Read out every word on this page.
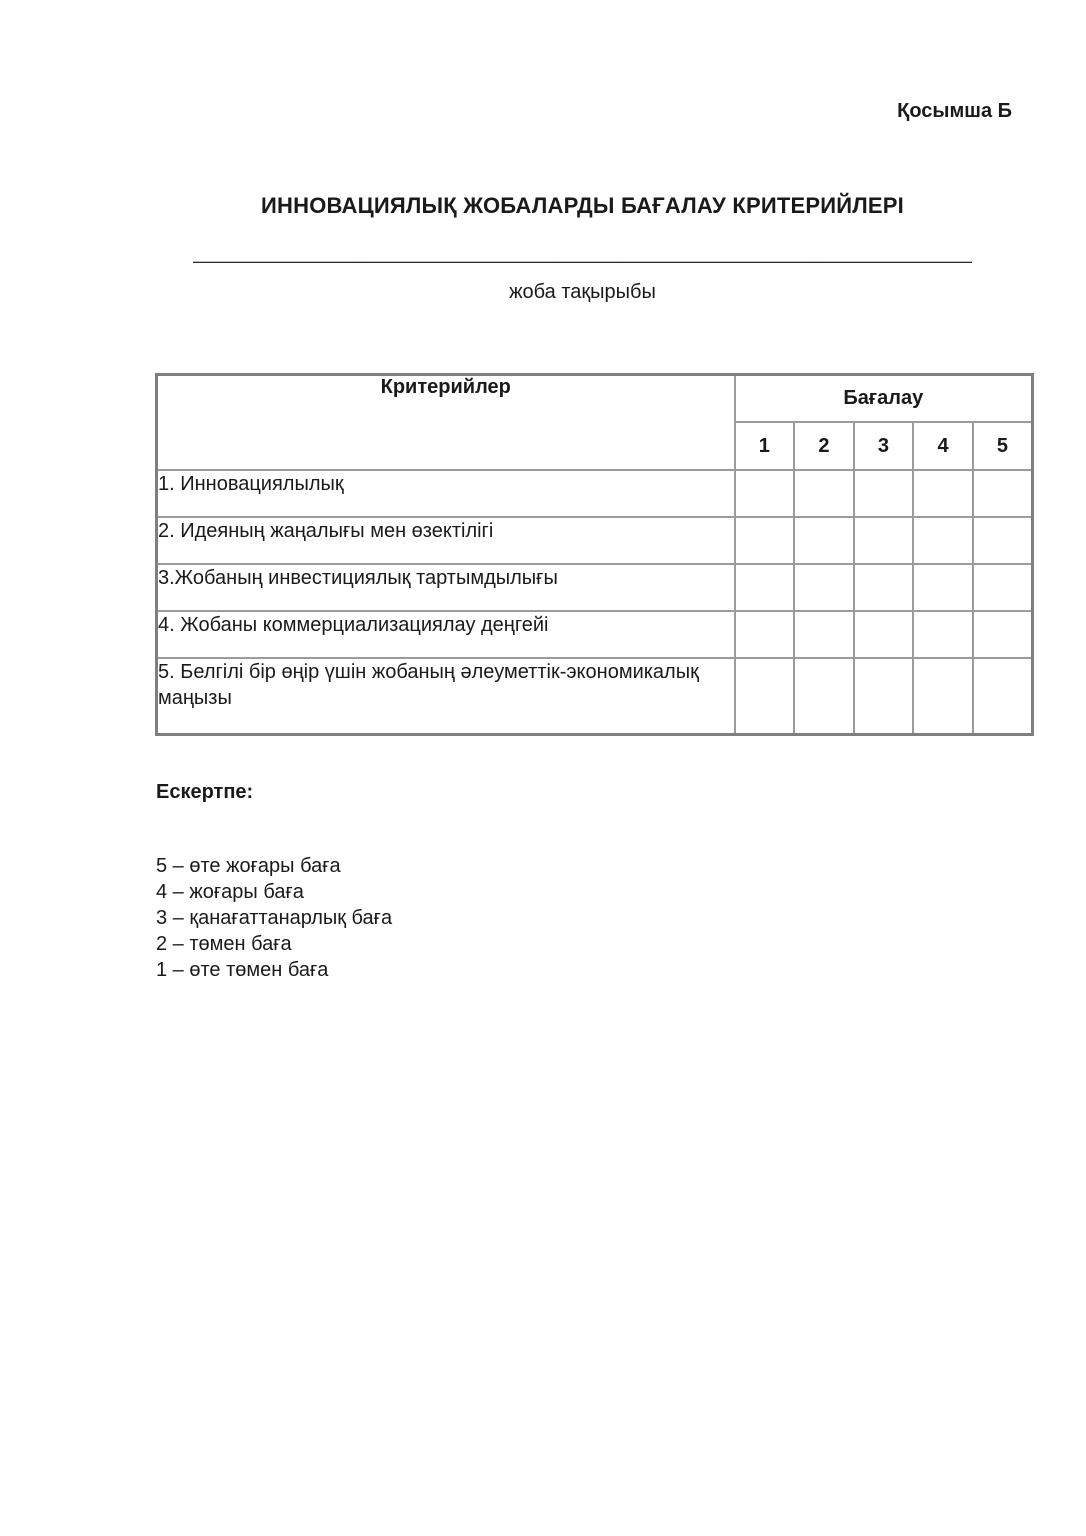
Қосымша Б
ИННОВАЦИЯЛЫҚ ЖОБАЛАРДЫ БАҒАЛАУ КРИТЕРИЙЛЕРІ
______________________________________________________________________
жоба тақырыбы
Критерийлер	Бағалау				
	1	2	3	4	5
1. Инновациялылық					
2. Идеяның жаңалығы мен өзектілігі					
3.Жобаның инвестициялық тартымдылығы					
4. Жобаны коммерциализациялау деңгейі					
5. Белгілі бір өңір үшін жобаның әлеуметтік-экономикалық маңызы					
Ескертпе:
5 – өте жоғары баға
4 – жоғары баға
3 – қанағаттанарлық баға
2 – төмен баға
1 – өте төмен баға
